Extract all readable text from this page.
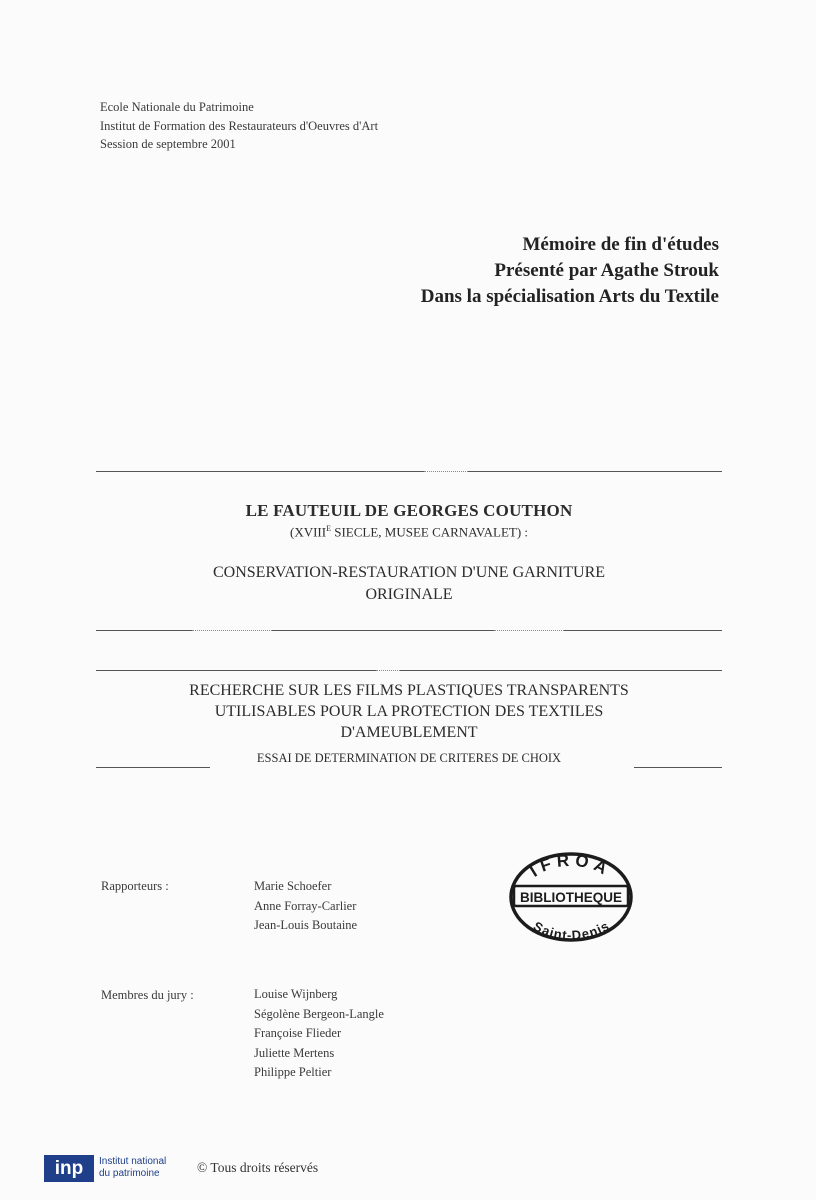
Ecole Nationale du Patrimoine
Institut de Formation des Restaurateurs d'Oeuvres d'Art
Session de septembre 2001
Mémoire de fin d'études
Présenté par Agathe Strouk
Dans la spécialisation Arts du Textile
LE FAUTEUIL DE GEORGES COUTHON
($XVIII^E$ SIECLE, MUSEE CARNAVALET) :
CONSERVATION-RESTAURATION D'UNE GARNITURE
ORIGINALE
RECHERCHE SUR LES FILMS PLASTIQUES TRANSPARENTS
UTILISABLES POUR LA PROTECTION DES TEXTILES
D'AMEUBLEMENT
ESSAI DE DETERMINATION DE CRITERES DE CHOIX
Rapporteurs :	Marie Schoefer
Anne Forray-Carlier
Jean-Louis Boutaine
IFROA
BIBLIOTHEQUE
Saint-Denis
Membres du jury :	Louise Wijnberg
Ségolène Bergeon-Langle
Françoise Flieder
Juliette Mertens
Philippe Peltier
inp	Institut national
du patrimoine	© Tous droits réservés
